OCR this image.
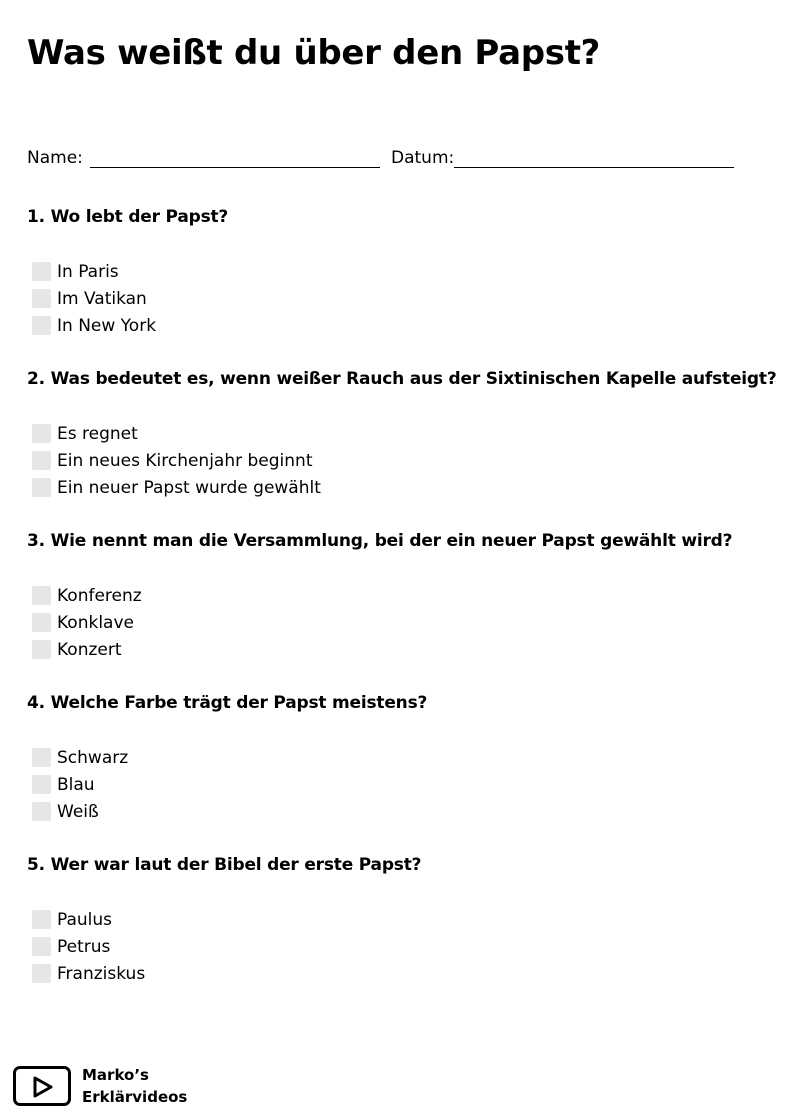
Was weißt du über den Papst?
Name:	Datum:

1. Wo lebt der Papst?

In Paris
Im Vatikan
In New York

2. Was bedeutet es, wenn weißer Rauch aus der Sixtinischen Kapelle aufsteigt?

Es regnet
Ein neues Kirchenjahr beginnt
Ein neuer Papst wurde gewählt

3. Wie nennt man die Versammlung, bei der ein neuer Papst gewählt wird?

Konferenz
Konklave
Konzert

4. Welche Farbe trägt der Papst meistens?

Schwarz
Blau
Weiß

5. Wer war laut der Bibel der erste Papst?

Paulus
Petrus
Franziskus
Marko’s
Erklärvideos
